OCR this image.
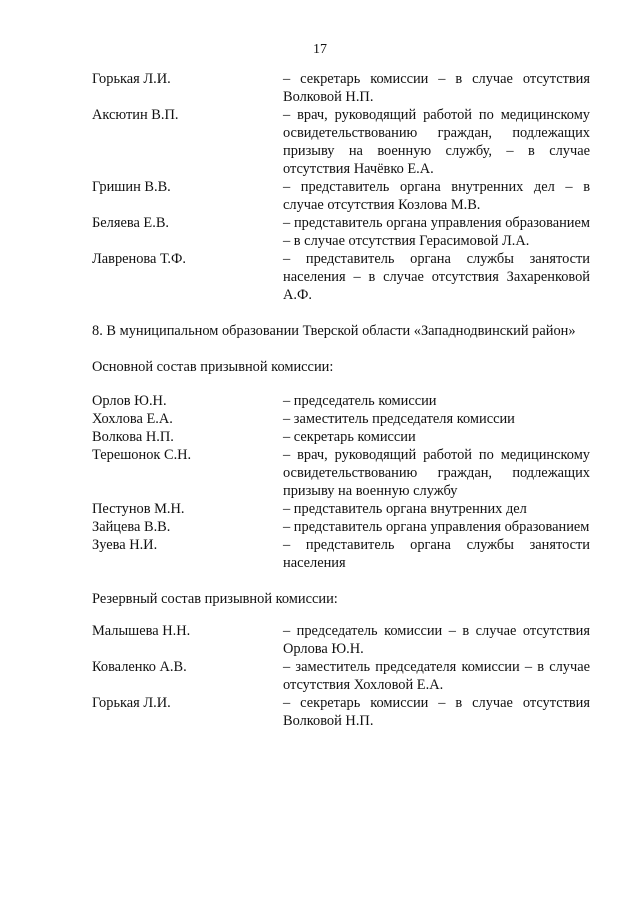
17
Горькая Л.И.	– секретарь комиссии – в случае отсутствия Волковой Н.П.
Аксютин В.П.	– врач, руководящий работой по медицинскому освидетельствованию граждан, подлежащих призыву на военную службу, – в случае отсутствия Начёвко Е.А.
Гришин В.В.	– представитель органа внутренних дел – в случае отсутствия Козлова М.В.
Беляева Е.В.	– представитель органа управления образованием – в случае отсутствия Герасимовой Л.А.
Лавренова Т.Ф.	– представитель органа службы занятости населения – в случае отсутствия Захаренковой А.Ф.
8. В муниципальном образовании Тверской области «Западнодвинский район»
Основной состав призывной комиссии:
Орлов Ю.Н.	– председатель комиссии
Хохлова Е.А.	– заместитель председателя комиссии
Волкова Н.П.	– секретарь комиссии
Терешонок С.Н.	– врач, руководящий работой по медицинскому освидетельствованию граждан, подлежащих призыву на военную службу
Пестунов М.Н.	– представитель органа внутренних дел
Зайцева В.В.	– представитель органа управления образованием
Зуева Н.И.	– представитель органа службы занятости населения
Резервный состав призывной комиссии:
Малышева Н.Н.	– председатель комиссии – в случае отсутствия Орлова Ю.Н.
Коваленко А.В.	– заместитель председателя комиссии – в случае отсутствия Хохловой Е.А.
Горькая Л.И.	– секретарь комиссии – в случае отсутствия Волковой Н.П.
